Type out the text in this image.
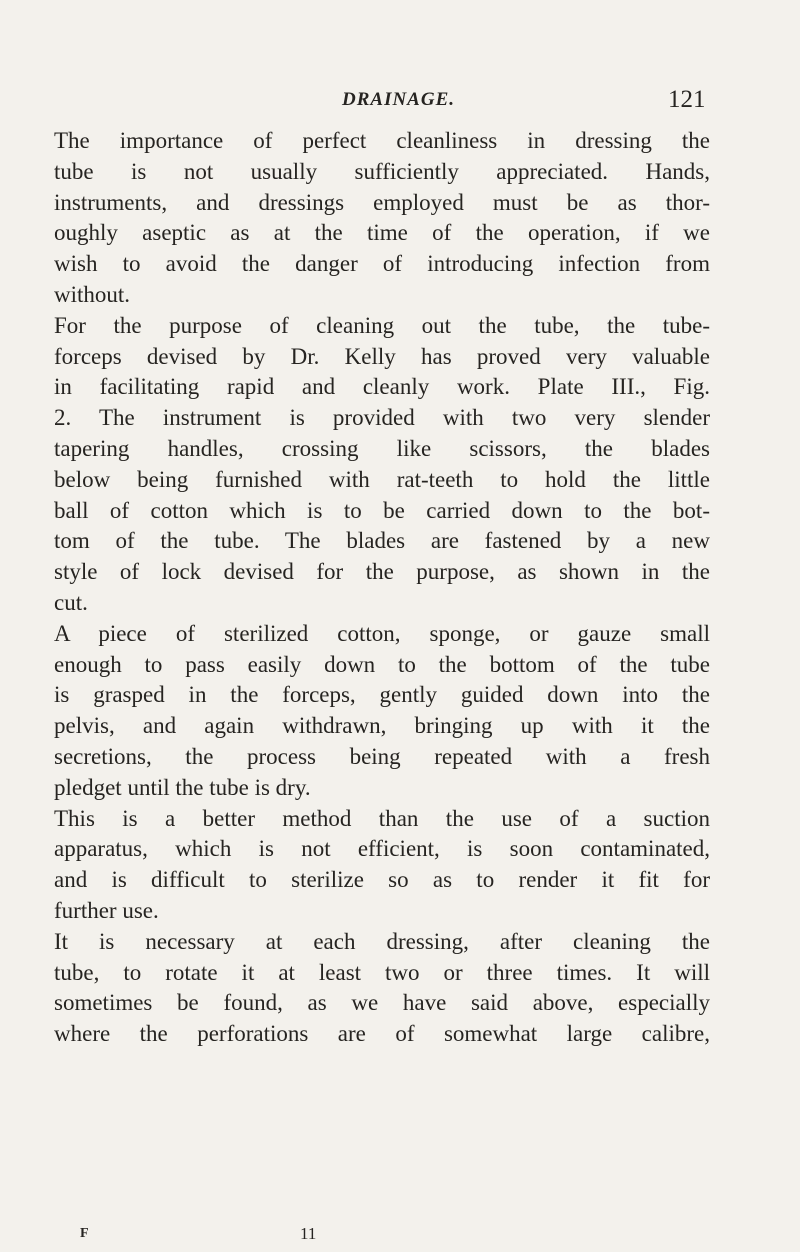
DRAINAGE.	121
The importance of perfect cleanliness in dressing the
tube is not usually sufficiently appreciated. Hands,
instruments, and dressings employed must be as thor-
oughly aseptic as at the time of the operation, if we
wish to avoid the danger of introducing infection from
without.
For the purpose of cleaning out the tube, the tube-
forceps devised by Dr. Kelly has proved very valuable
in facilitating rapid and cleanly work. Plate III., Fig.
2. The instrument is provided with two very slender
tapering handles, crossing like scissors, the blades
below being furnished with rat-teeth to hold the little
ball of cotton which is to be carried down to the bot-
tom of the tube. The blades are fastened by a new
style of lock devised for the purpose, as shown in the
cut.
A piece of sterilized cotton, sponge, or gauze small
enough to pass easily down to the bottom of the tube
is grasped in the forceps, gently guided down into the
pelvis, and again withdrawn, bringing up with it the
secretions, the process being repeated with a fresh
pledget until the tube is dry.
This is a better method than the use of a suction
apparatus, which is not efficient, is soon contaminated,
and is difficult to sterilize so as to render it fit for
further use.
It is necessary at each dressing, after cleaning the
tube, to rotate it at least two or three times. It will
sometimes be found, as we have said above, especially
where the perforations are of somewhat large calibre,
F	11
